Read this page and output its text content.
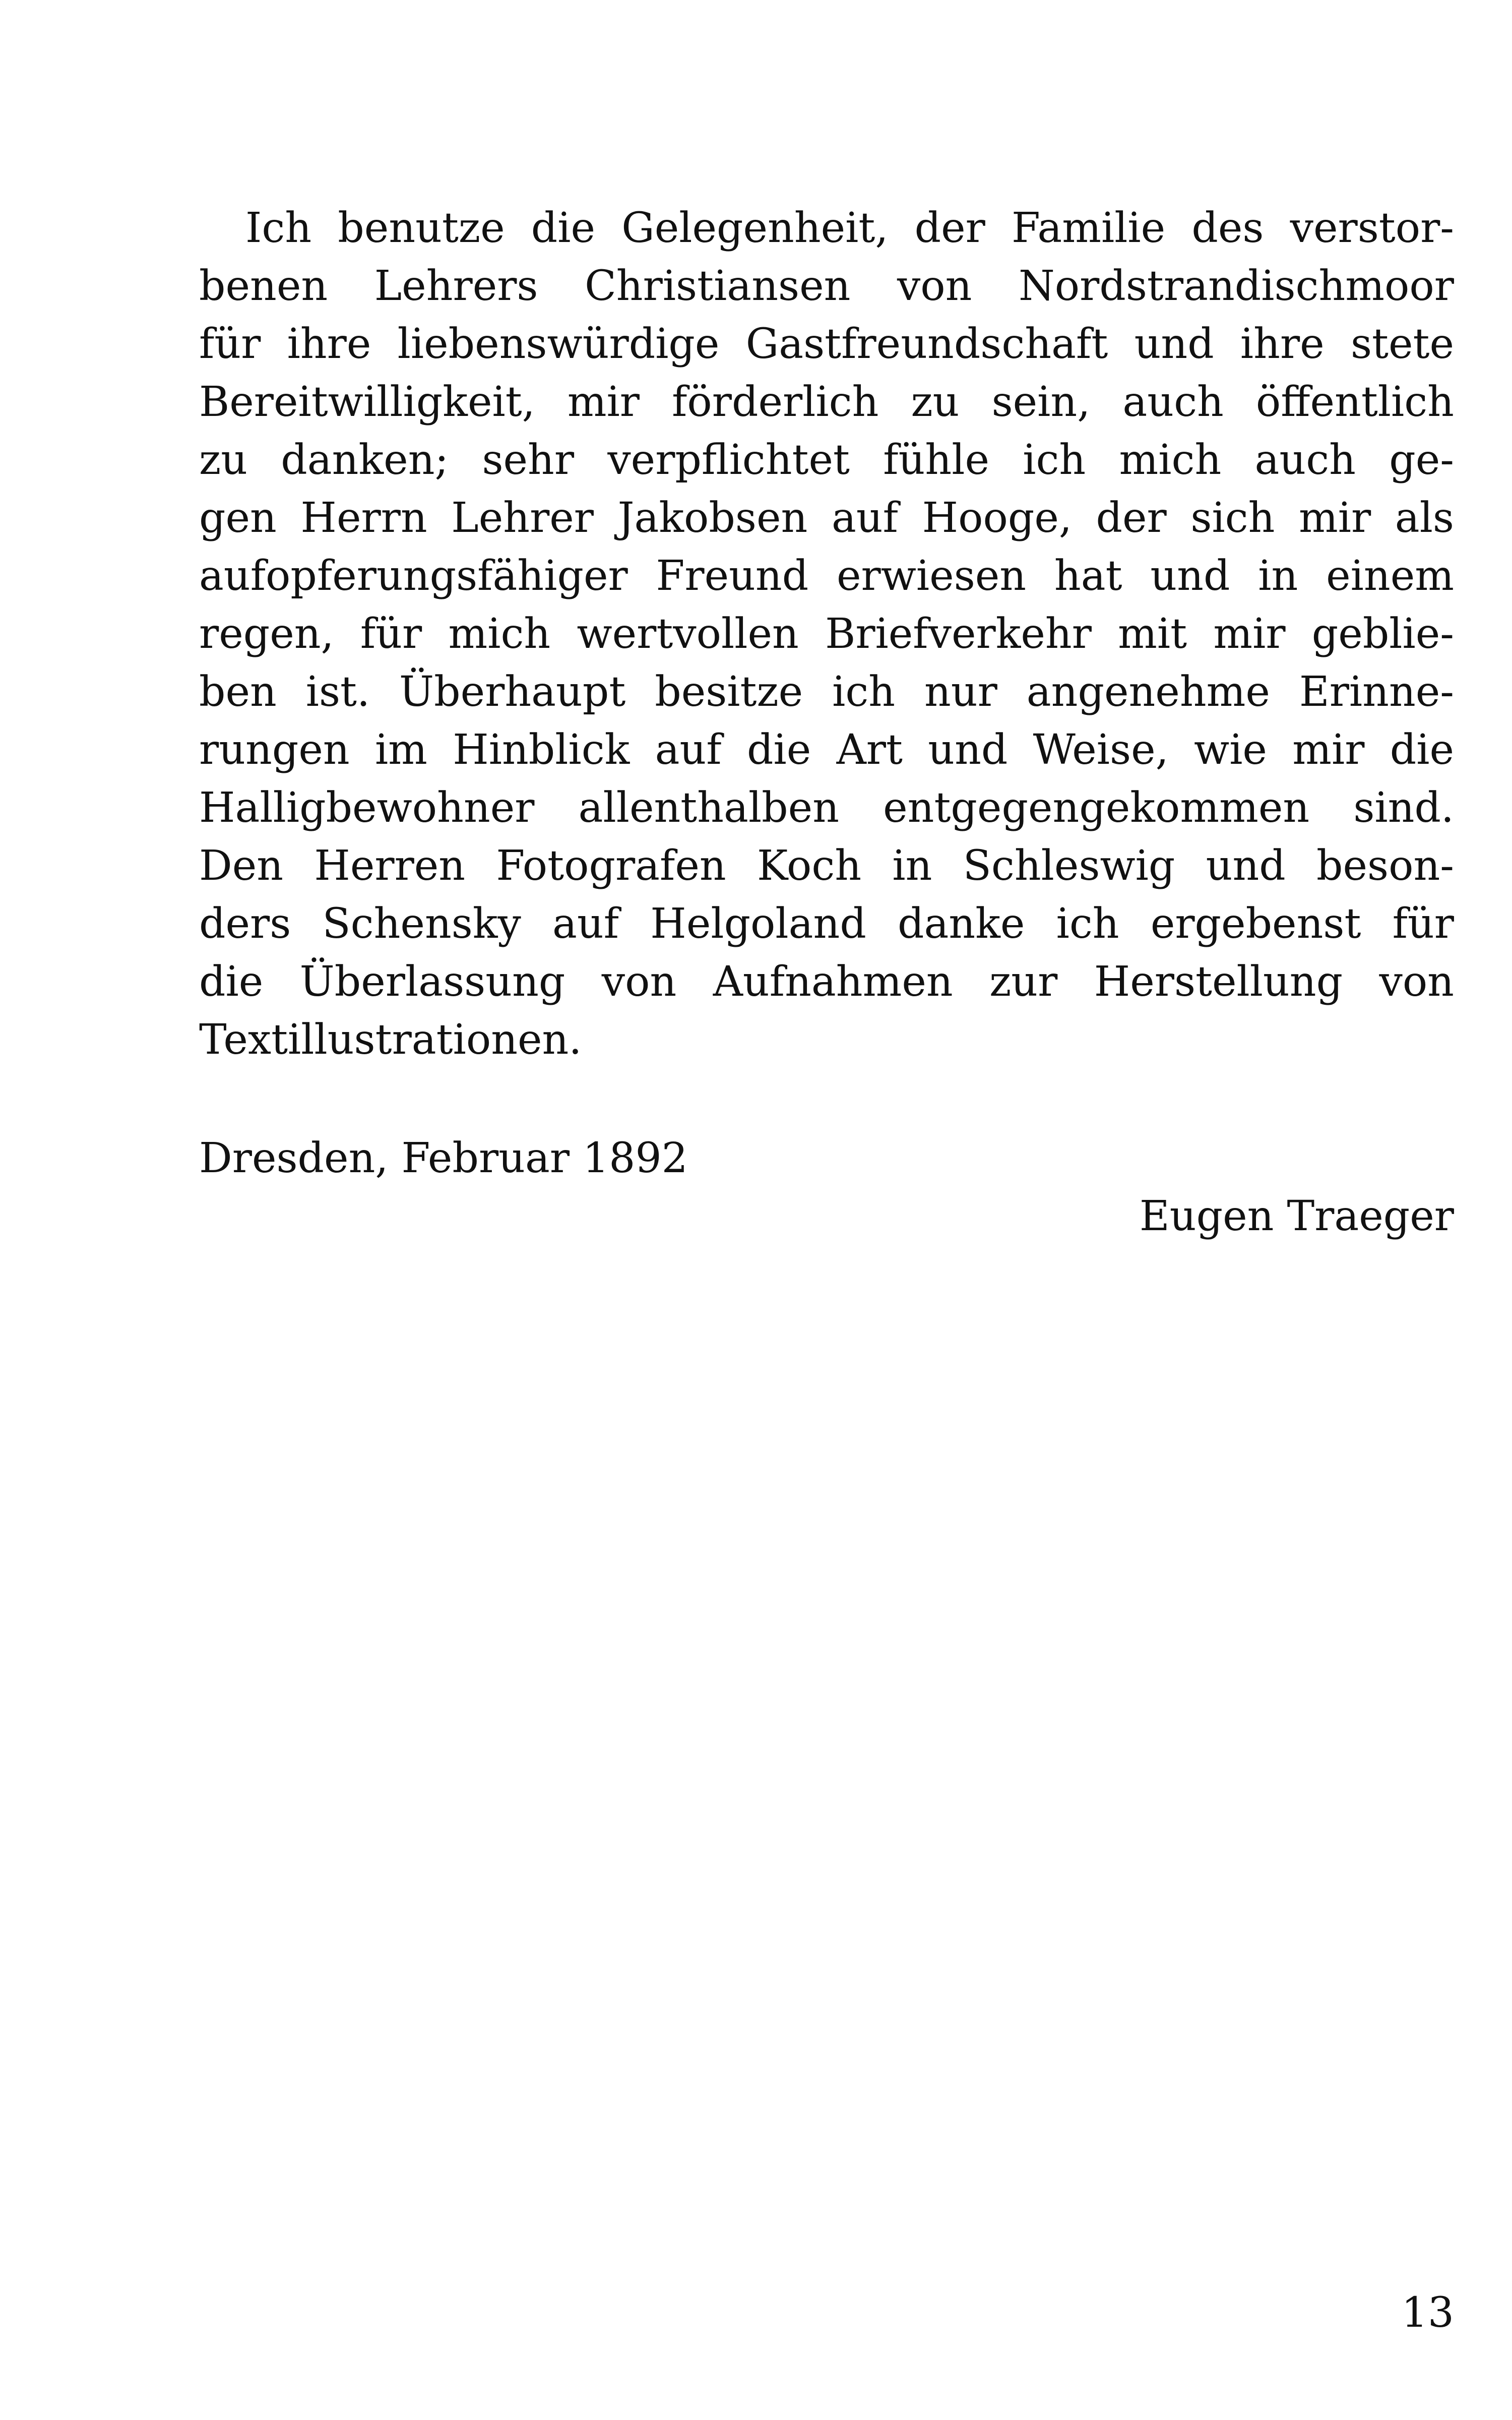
Ich benutze die Gelegenheit, der Familie des verstor-
benen Lehrers Christiansen von Nordstrandischmoor
für ihre liebenswürdige Gastfreundschaft und ihre stete
Bereitwilligkeit, mir förderlich zu sein, auch öffentlich
zu danken; sehr verpflichtet fühle ich mich auch ge-
gen Herrn Lehrer Jakobsen auf Hooge, der sich mir als
aufopferungsfähiger Freund erwiesen hat und in einem
regen, für mich wertvollen Briefverkehr mit mir geblie-
ben ist. Überhaupt besitze ich nur angenehme Erinne-
rungen im Hinblick auf die Art und Weise, wie mir die
Halligbewohner allenthalben entgegengekommen sind.
Den Herren Fotografen Koch in Schleswig und beson-
ders Schensky auf Helgoland danke ich ergebenst für
die Überlassung von Aufnahmen zur Herstellung von
Textillustrationen.
Dresden, Februar 1892
Eugen Traeger
13
